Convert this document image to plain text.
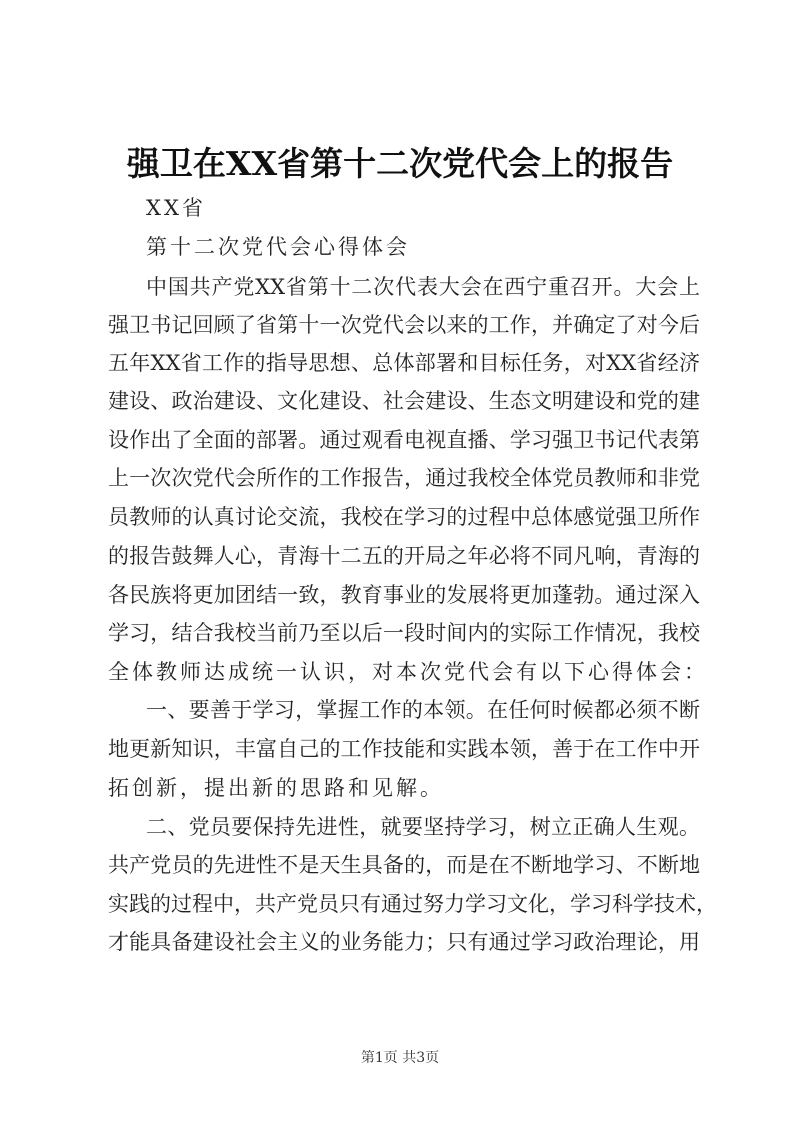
强卫在XX省第十二次党代会上的报告
XX省
第十二次党代会心得体会
中国共产党XX省第十二次代表大会在西宁重召开。大会上
强卫书记回顾了省第十一次党代会以来的工作，并确定了对今后
五年XX省工作的指导思想、总体部署和目标任务，对XX省经济
建设、政治建设、文化建设、社会建设、生态文明建设和党的建
设作出了全面的部署。通过观看电视直播、学习强卫书记代表第
上一次次党代会所作的工作报告，通过我校全体党员教师和非党
员教师的认真讨论交流，我校在学习的过程中总体感觉强卫所作
的报告鼓舞人心，青海十二五的开局之年必将不同凡响，青海的
各民族将更加团结一致，教育事业的发展将更加蓬勃。通过深入
学习，结合我校当前乃至以后一段时间内的实际工作情况，我校
全体教师达成统一认识，对本次党代会有以下心得体会：
一、要善于学习，掌握工作的本领。在任何时候都必须不断
地更新知识，丰富自己的工作技能和实践本领，善于在工作中开
拓创新，提出新的思路和见解。
二、党员要保持先进性，就要坚持学习，树立正确人生观。
共产党员的先进性不是天生具备的，而是在不断地学习、不断地
实践的过程中，共产党员只有通过努力学习文化，学习科学技术，
才能具备建设社会主义的业务能力；只有通过学习政治理论，用
第1页 共3页
